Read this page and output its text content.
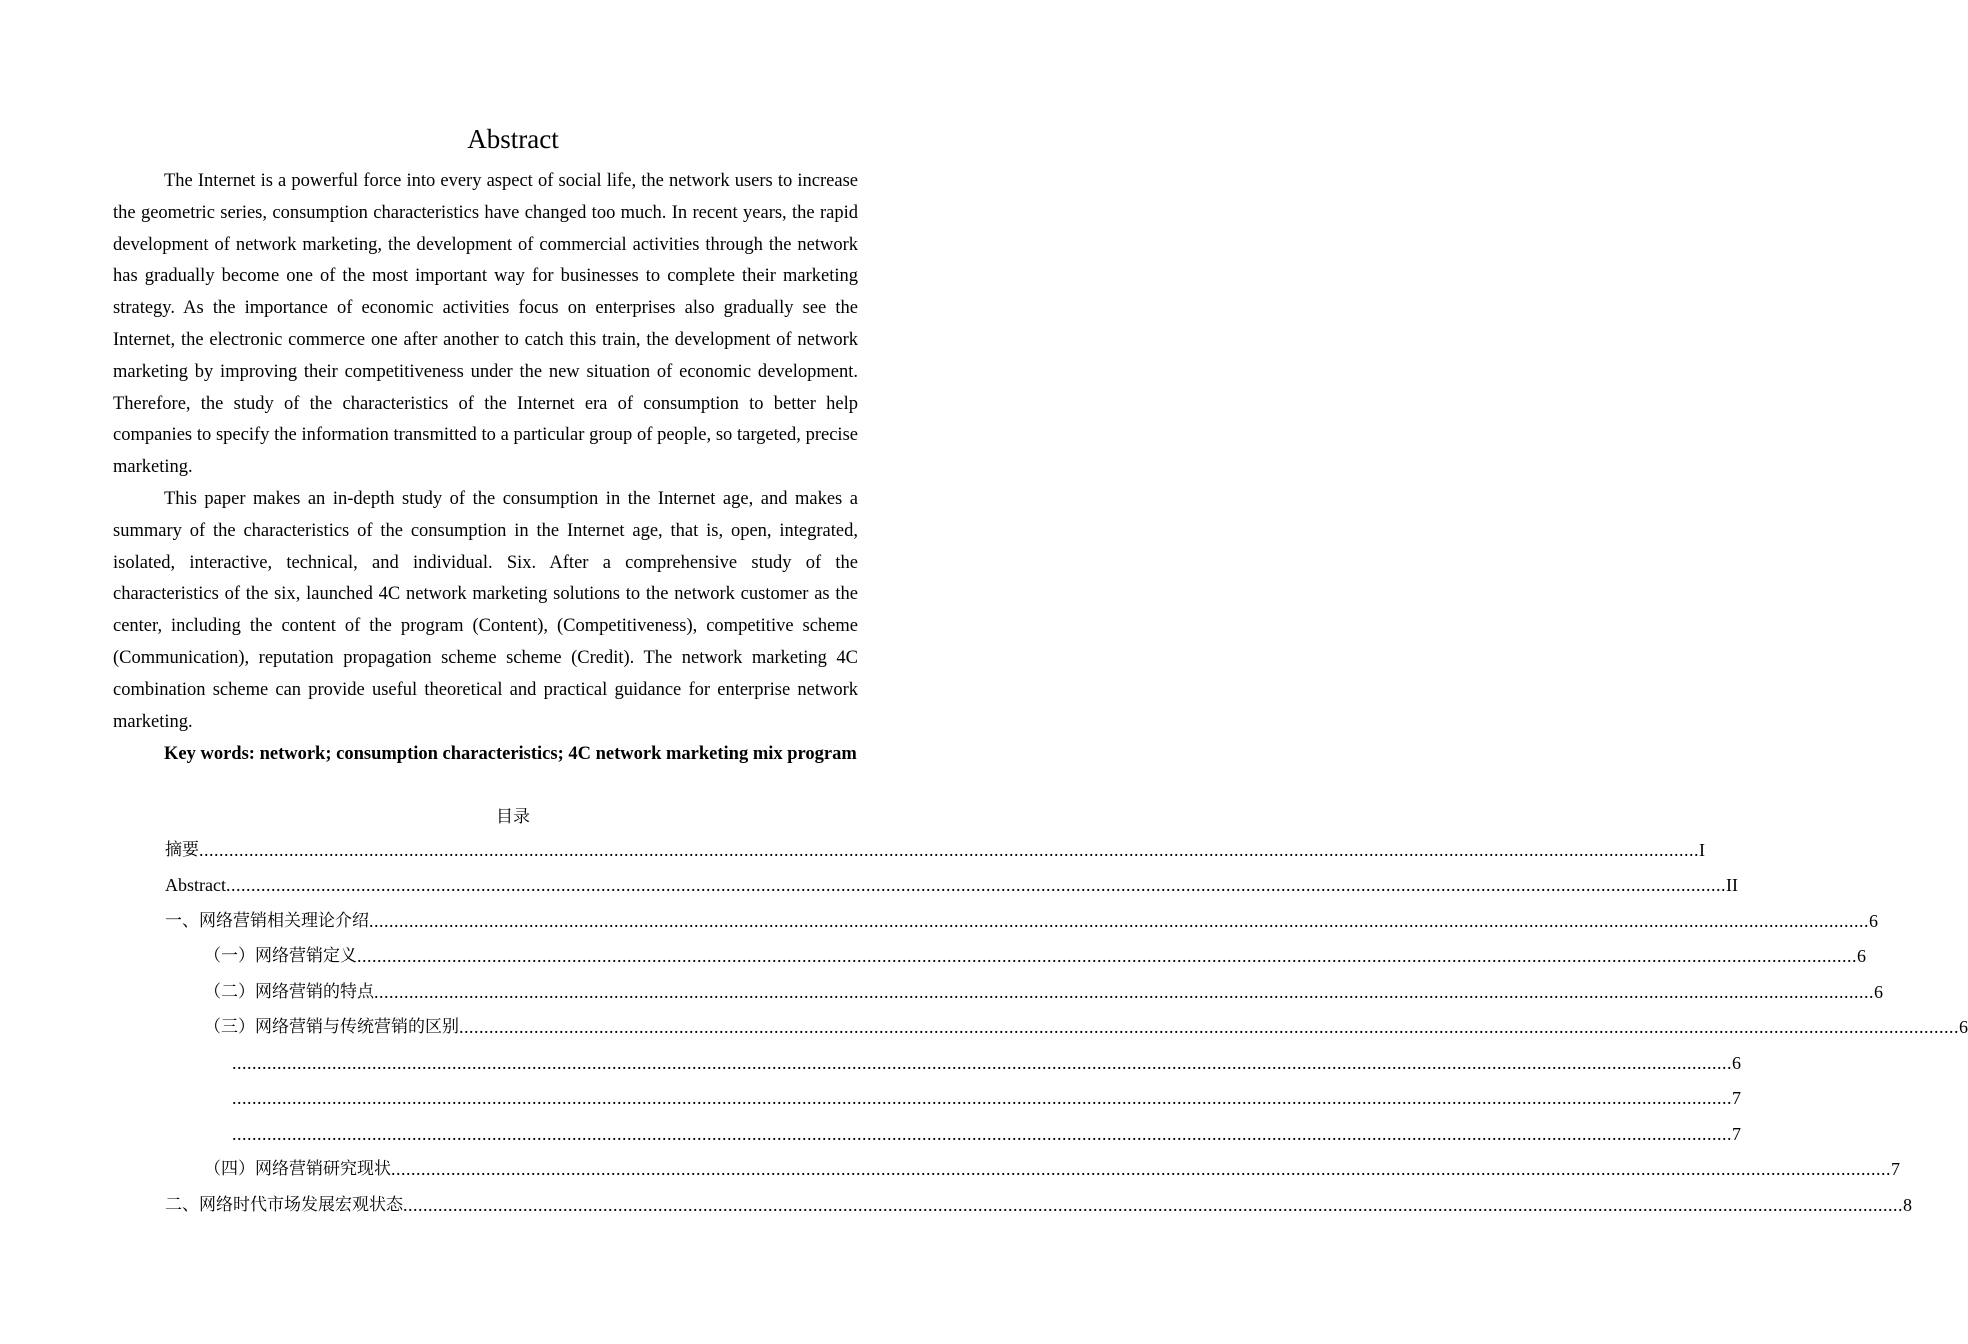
Abstract

The Internet is a powerful force into every aspect of social life, the network users to increase the geometric series, consumption characteristics have changed too much. In recent years, the rapid development of network marketing, the development of commercial activities through the network has gradually become one of the most important way for businesses to complete their marketing strategy. As the importance of economic activities focus on enterprises also gradually see the Internet, the electronic commerce one after another to catch this train, the development of network marketing by improving their competitiveness under the new situation of economic development. Therefore, the study of the characteristics of the Internet era of consumption to better help companies to specify the information transmitted to a particular group of people, so targeted, precise marketing.

This paper makes an in-depth study of the consumption in the Internet age, and makes a summary of the characteristics of the consumption in the Internet age, that is, open, integrated, isolated, interactive, technical, and individual. Six. After a comprehensive study of the characteristics of the six, launched 4C network marketing solutions to the network customer as the center, including the content of the program (Content), (Competitiveness), competitive scheme (Communication), reputation propagation scheme scheme (Credit). The network marketing 4C combination scheme can provide useful theoretical and practical guidance for enterprise network marketing.

Key words: network; consumption characteristics; 4C network marketing mix program

目录
摘要 ............................................................................................................................................................................................................................................................................................................ I
Abstract ............................................................................................................................................................................................................................................................................................................ II
一、网络营销相关理论介绍 ............................................................................................................................................................................................................................................................................................................ 6
（一）网络营销定义 ............................................................................................................................................................................................................................................................................................................ 6
（二）网络营销的特点 ............................................................................................................................................................................................................................................................................................................ 6
（三）网络营销与传统营销的区别 ............................................................................................................................................................................................................................................................................................................ 6
............................................................................................................................................................................................................................................................................................................ 6
............................................................................................................................................................................................................................................................................................................ 7
............................................................................................................................................................................................................................................................................................................ 7
（四）网络营销研究现状 ............................................................................................................................................................................................................................................................................................................ 7
二、网络时代市场发展宏观状态 ............................................................................................................................................................................................................................................................................................................ 8
